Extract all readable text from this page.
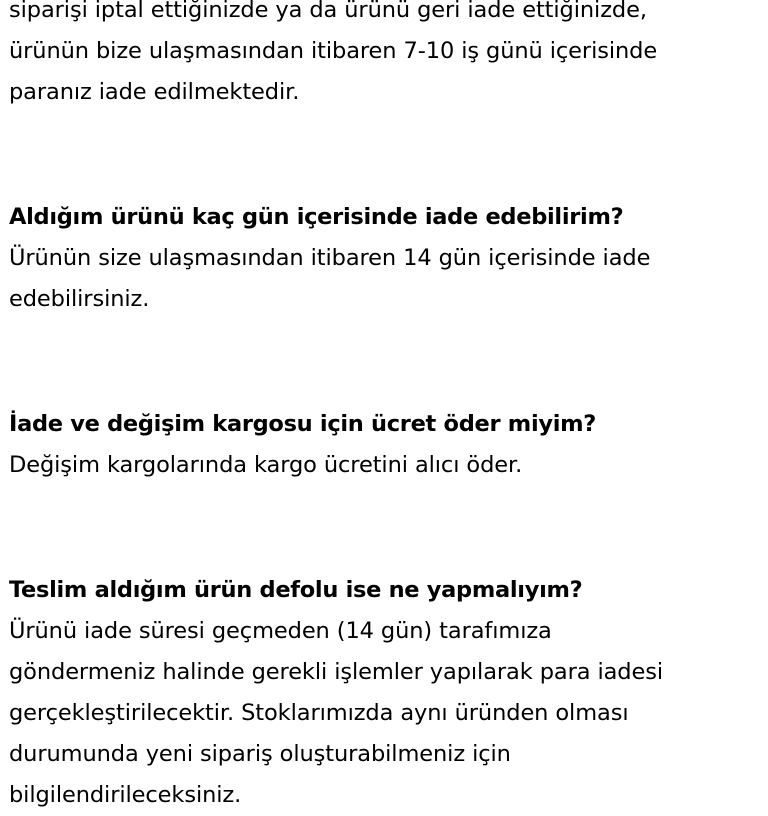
siparişi iptal ettiğinizde ya da ürünü geri iade ettiğinizde,
ürünün bize ulaşmasından itibaren 7-10 iş günü içerisinde
paranız iade edilmektedir.
Aldığım ürünü kaç gün içerisinde iade edebilirim?
Ürünün size ulaşmasından itibaren 14 gün içerisinde iade
edebilirsiniz.
İade ve değişim kargosu için ücret öder miyim?
Değişim kargolarında kargo ücretini alıcı öder.
Teslim aldığım ürün defolu ise ne yapmalıyım?
Ürünü iade süresi geçmeden (14 gün) tarafımıza
göndermeniz halinde gerekli işlemler yapılarak para iadesi
gerçekleştirilecektir. Stoklarımızda aynı üründen olması
durumunda yeni sipariş oluşturabilmeniz için
bilgilendirileceksiniz.
